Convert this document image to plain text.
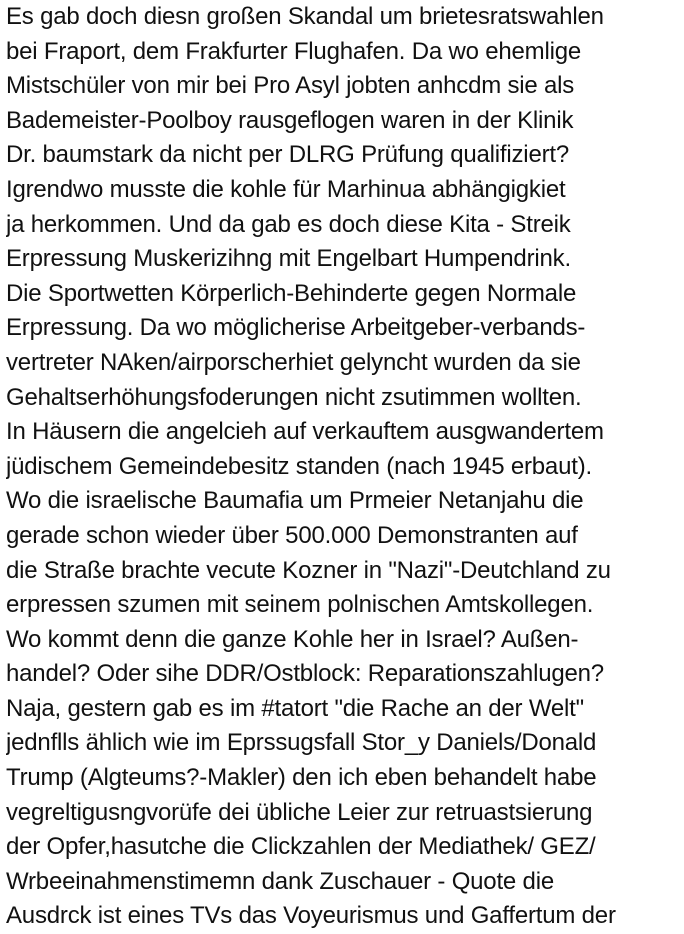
Es gab doch diesn großen Skandal um brietesratswahlen
bei Fraport, dem Frakfurter Flughafen. Da wo ehemlige
Mistschüler von mir bei Pro Asyl jobten anhcdm sie als
Bademeister-Poolboy rausgeflogen waren in der Klinik
Dr. baumstark da nicht per DLRG Prüfung qualifiziert?
Igrendwo musste die kohle für Marhinua abhängigkiet
ja herkommen. Und da gab es doch diese Kita - Streik
Erpressung Muskerizihng mit Engelbart Humpendrink.
Die Sportwetten Körperlich-Behinderte gegen Normale
Erpressung. Da wo möglicherise Arbeitgeber-verbands-
vertreter NAken/airporscherhiet gelyncht wurden da sie
Gehaltserhöhungsfoderungen nicht zsutimmen wollten.
In Häusern die angelcieh auf verkauftem ausgwandertem
jüdischem Gemeindebesitz standen (nach 1945 erbaut).
Wo die israelische Baumafia um Prmeier Netanjahu die
gerade schon wieder über 500.000 Demonstranten auf
die Straße brachte vecute Kozner in "Nazi"-Deutchland zu
erpressen szumen mit seinem polnischen Amtskollegen.
Wo kommt denn die ganze Kohle her in Israel? Außen-
handel? Oder sihe DDR/Ostblock: Reparationszahlugen?
Naja, gestern gab es im #tatort "die Rache an der Welt"
jednflls ählich wie im Eprssugsfall Stor_y Daniels/Donald
Trump (Algteums?-Makler) den ich eben behandelt habe
vegreltigusngvorüfe dei übliche Leier zur retruastsierung
der Opfer,hasutche die Clickzahlen der Mediathek/ GEZ/
Wrbeeinahmenstimemn dank Zuschauer - Quote die
Ausdrck ist eines TVs das Voyeurismus und Gaffertum der
